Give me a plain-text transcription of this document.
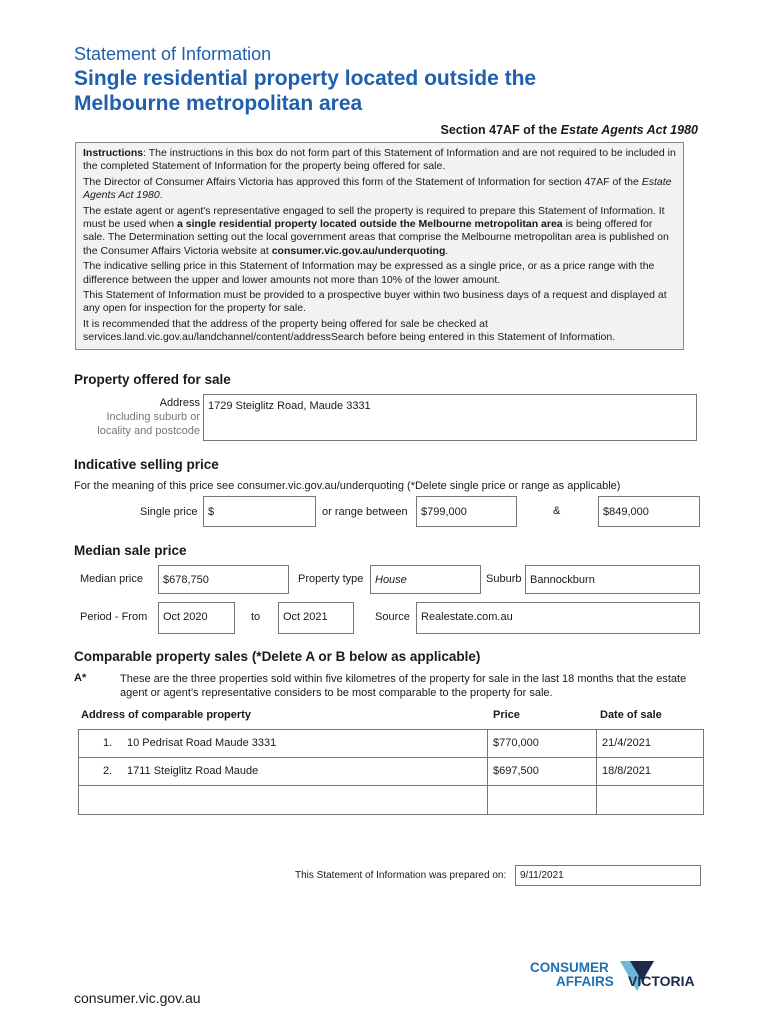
Statement of Information
Single residential property located outside the
Melbourne metropolitan area
Section 47AF of the Estate Agents Act 1980

Instructions: The instructions in this box do not form part of this Statement of Information and are not required to be included in the completed Statement of Information for the property being offered for sale.

The Director of Consumer Affairs Victoria has approved this form of the Statement of Information for section 47AF of the Estate Agents Act 1980.

The estate agent or agent's representative engaged to sell the property is required to prepare this Statement of Information. It must be used when a single residential property located outside the Melbourne metropolitan area is being offered for sale. The Determination setting out the local government areas that comprise the Melbourne metropolitan area is published on the Consumer Affairs Victoria website at consumer.vic.gov.au/underquoting.

The indicative selling price in this Statement of Information may be expressed as a single price, or as a price range with the difference between the upper and lower amounts not more than 10% of the lower amount.

This Statement of Information must be provided to a prospective buyer within two business days of a request and displayed at any open for inspection for the property for sale.

It is recommended that the address of the property being offered for sale be checked at services.land.vic.gov.au/landchannel/content/addressSearch before being entered in this Statement of Information.

Property offered for sale
Address
Including suburb or
locality and postcode
1729 Steiglitz Road, Maude 3331
Indicative selling price
For the meaning of this price see consumer.vic.gov.au/underquoting (*Delete single price or range as applicable)
Single price $	or range between	$799,000	&	$849,000
Median sale price
Median price	$678,750	Property type	House	Suburb Bannockburn
Period - From	Oct 2020	to	Oct 2021	Source	Realestate.com.au
Comparable property sales (*Delete A or B below as applicable)
A*	These are the three properties sold within five kilometres of the property for sale in the last 18 months that the estate agent or agent's representative considers to be most comparable to the property for sale.
Address of comparable property	Price	Date of sale
1. 10 Pedrisat Road Maude 3331	$770,000	21/4/2021
2. 1711 Steiglitz Road Maude	$697,500	18/8/2021
This Statement of Information was prepared on:	9/11/2021
CONSUMER
AFFAIRS VICTORIA
consumer.vic.gov.au
